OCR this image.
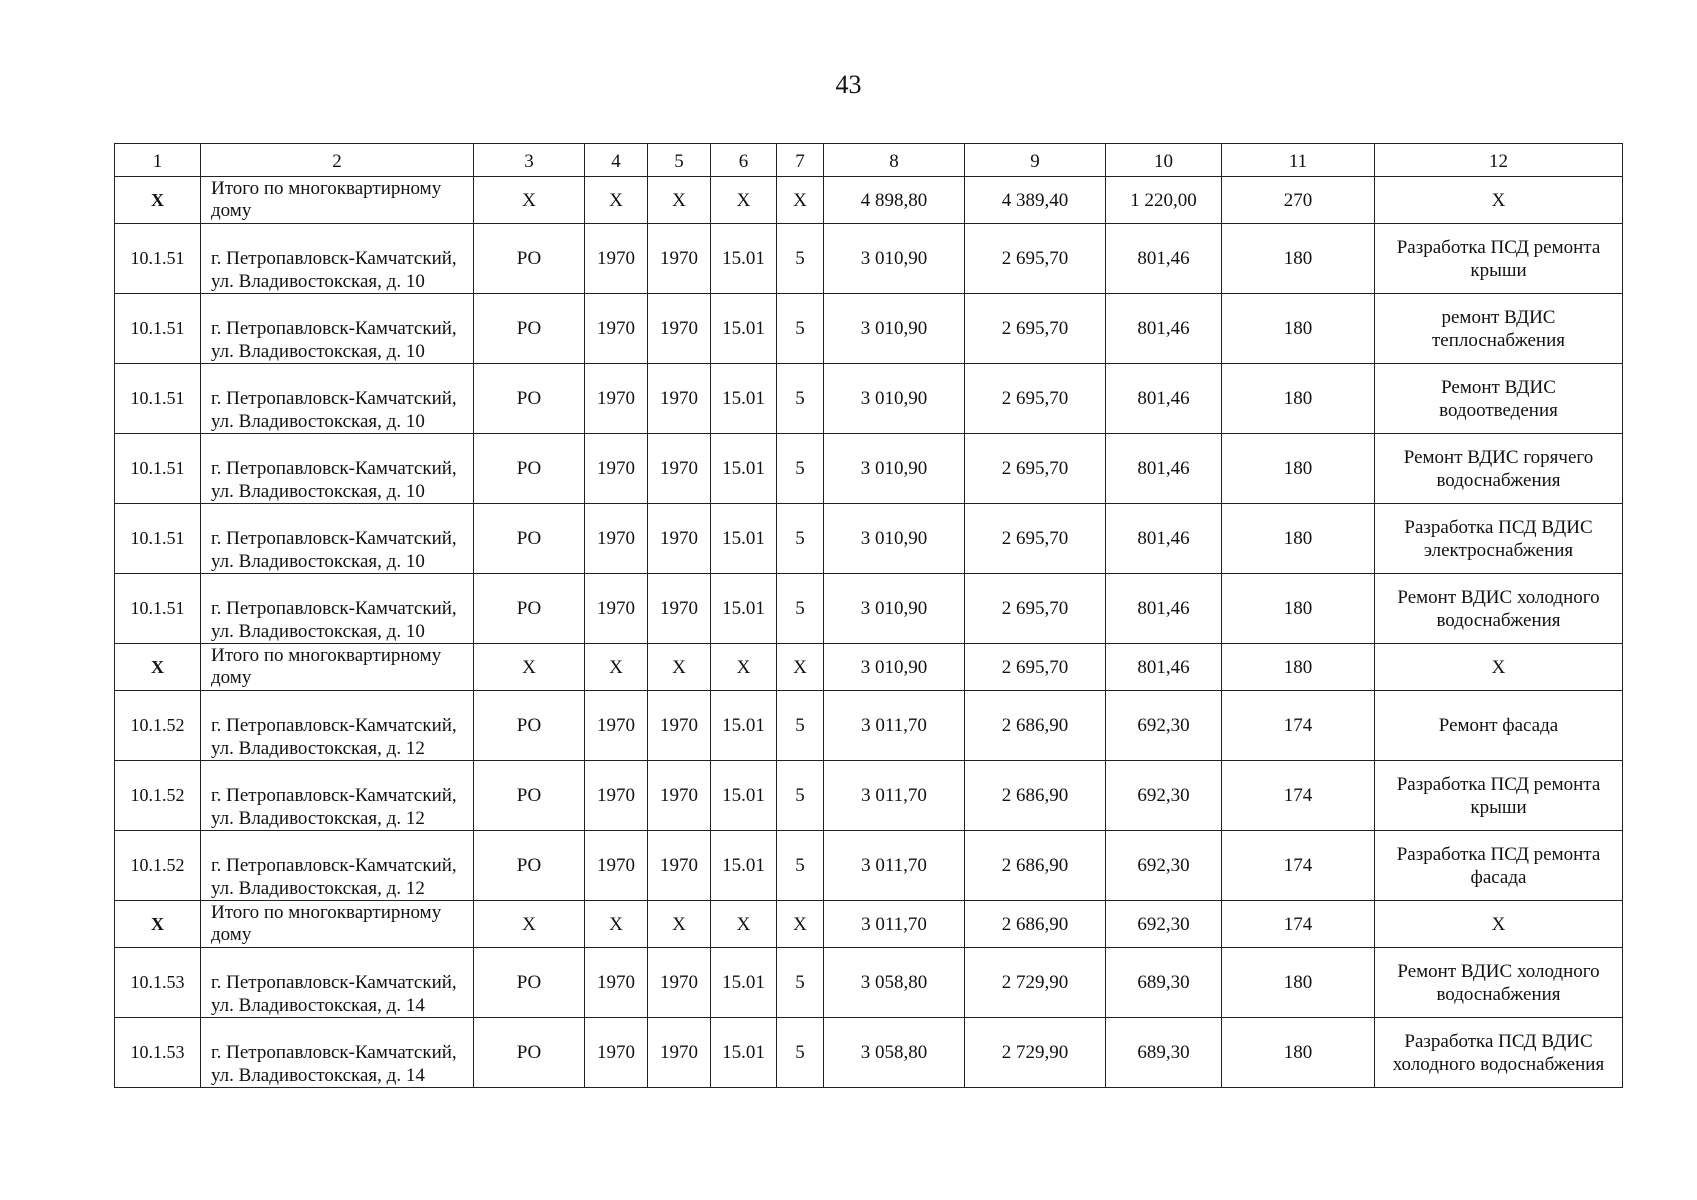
43
1	2	3	4	5	6	7	8	9	10	11	12
X	Итого по многоквартирному дому	X	X	X	X	X	4 898,80	4 389,40	1 220,00	270	X
10.1.51	г. Петропавловск-Камчатский, ул. Владивостокская, д. 10	РО	1970	1970	15.01	5	3 010,90	2 695,70	801,46	180	Разработка ПСД ремонта крыши
10.1.51	г. Петропавловск-Камчатский, ул. Владивостокская, д. 10	РО	1970	1970	15.01	5	3 010,90	2 695,70	801,46	180	ремонт ВДИС теплоснабжения
10.1.51	г. Петропавловск-Камчатский, ул. Владивостокская, д. 10	РО	1970	1970	15.01	5	3 010,90	2 695,70	801,46	180	Ремонт ВДИС водоотведения
10.1.51	г. Петропавловск-Камчатский, ул. Владивостокская, д. 10	РО	1970	1970	15.01	5	3 010,90	2 695,70	801,46	180	Ремонт ВДИС горячего водоснабжения
10.1.51	г. Петропавловск-Камчатский, ул. Владивостокская, д. 10	РО	1970	1970	15.01	5	3 010,90	2 695,70	801,46	180	Разработка ПСД ВДИС электроснабжения
10.1.51	г. Петропавловск-Камчатский, ул. Владивостокская, д. 10	РО	1970	1970	15.01	5	3 010,90	2 695,70	801,46	180	Ремонт ВДИС холодного водоснабжения
X	Итого по многоквартирному дому	X	X	X	X	X	3 010,90	2 695,70	801,46	180	X
10.1.52	г. Петропавловск-Камчатский, ул. Владивостокская, д. 12	РО	1970	1970	15.01	5	3 011,70	2 686,90	692,30	174	Ремонт фасада
10.1.52	г. Петропавловск-Камчатский, ул. Владивостокская, д. 12	РО	1970	1970	15.01	5	3 011,70	2 686,90	692,30	174	Разработка ПСД ремонта крыши
10.1.52	г. Петропавловск-Камчатский, ул. Владивостокская, д. 12	РО	1970	1970	15.01	5	3 011,70	2 686,90	692,30	174	Разработка ПСД ремонта фасада
X	Итого по многоквартирному дому	X	X	X	X	X	3 011,70	2 686,90	692,30	174	X
10.1.53	г. Петропавловск-Камчатский, ул. Владивостокская, д. 14	РО	1970	1970	15.01	5	3 058,80	2 729,90	689,30	180	Ремонт ВДИС холодного водоснабжения
10.1.53	г. Петропавловск-Камчатский, ул. Владивостокская, д. 14	РО	1970	1970	15.01	5	3 058,80	2 729,90	689,30	180	Разработка ПСД ВДИС холодного водоснабжения
